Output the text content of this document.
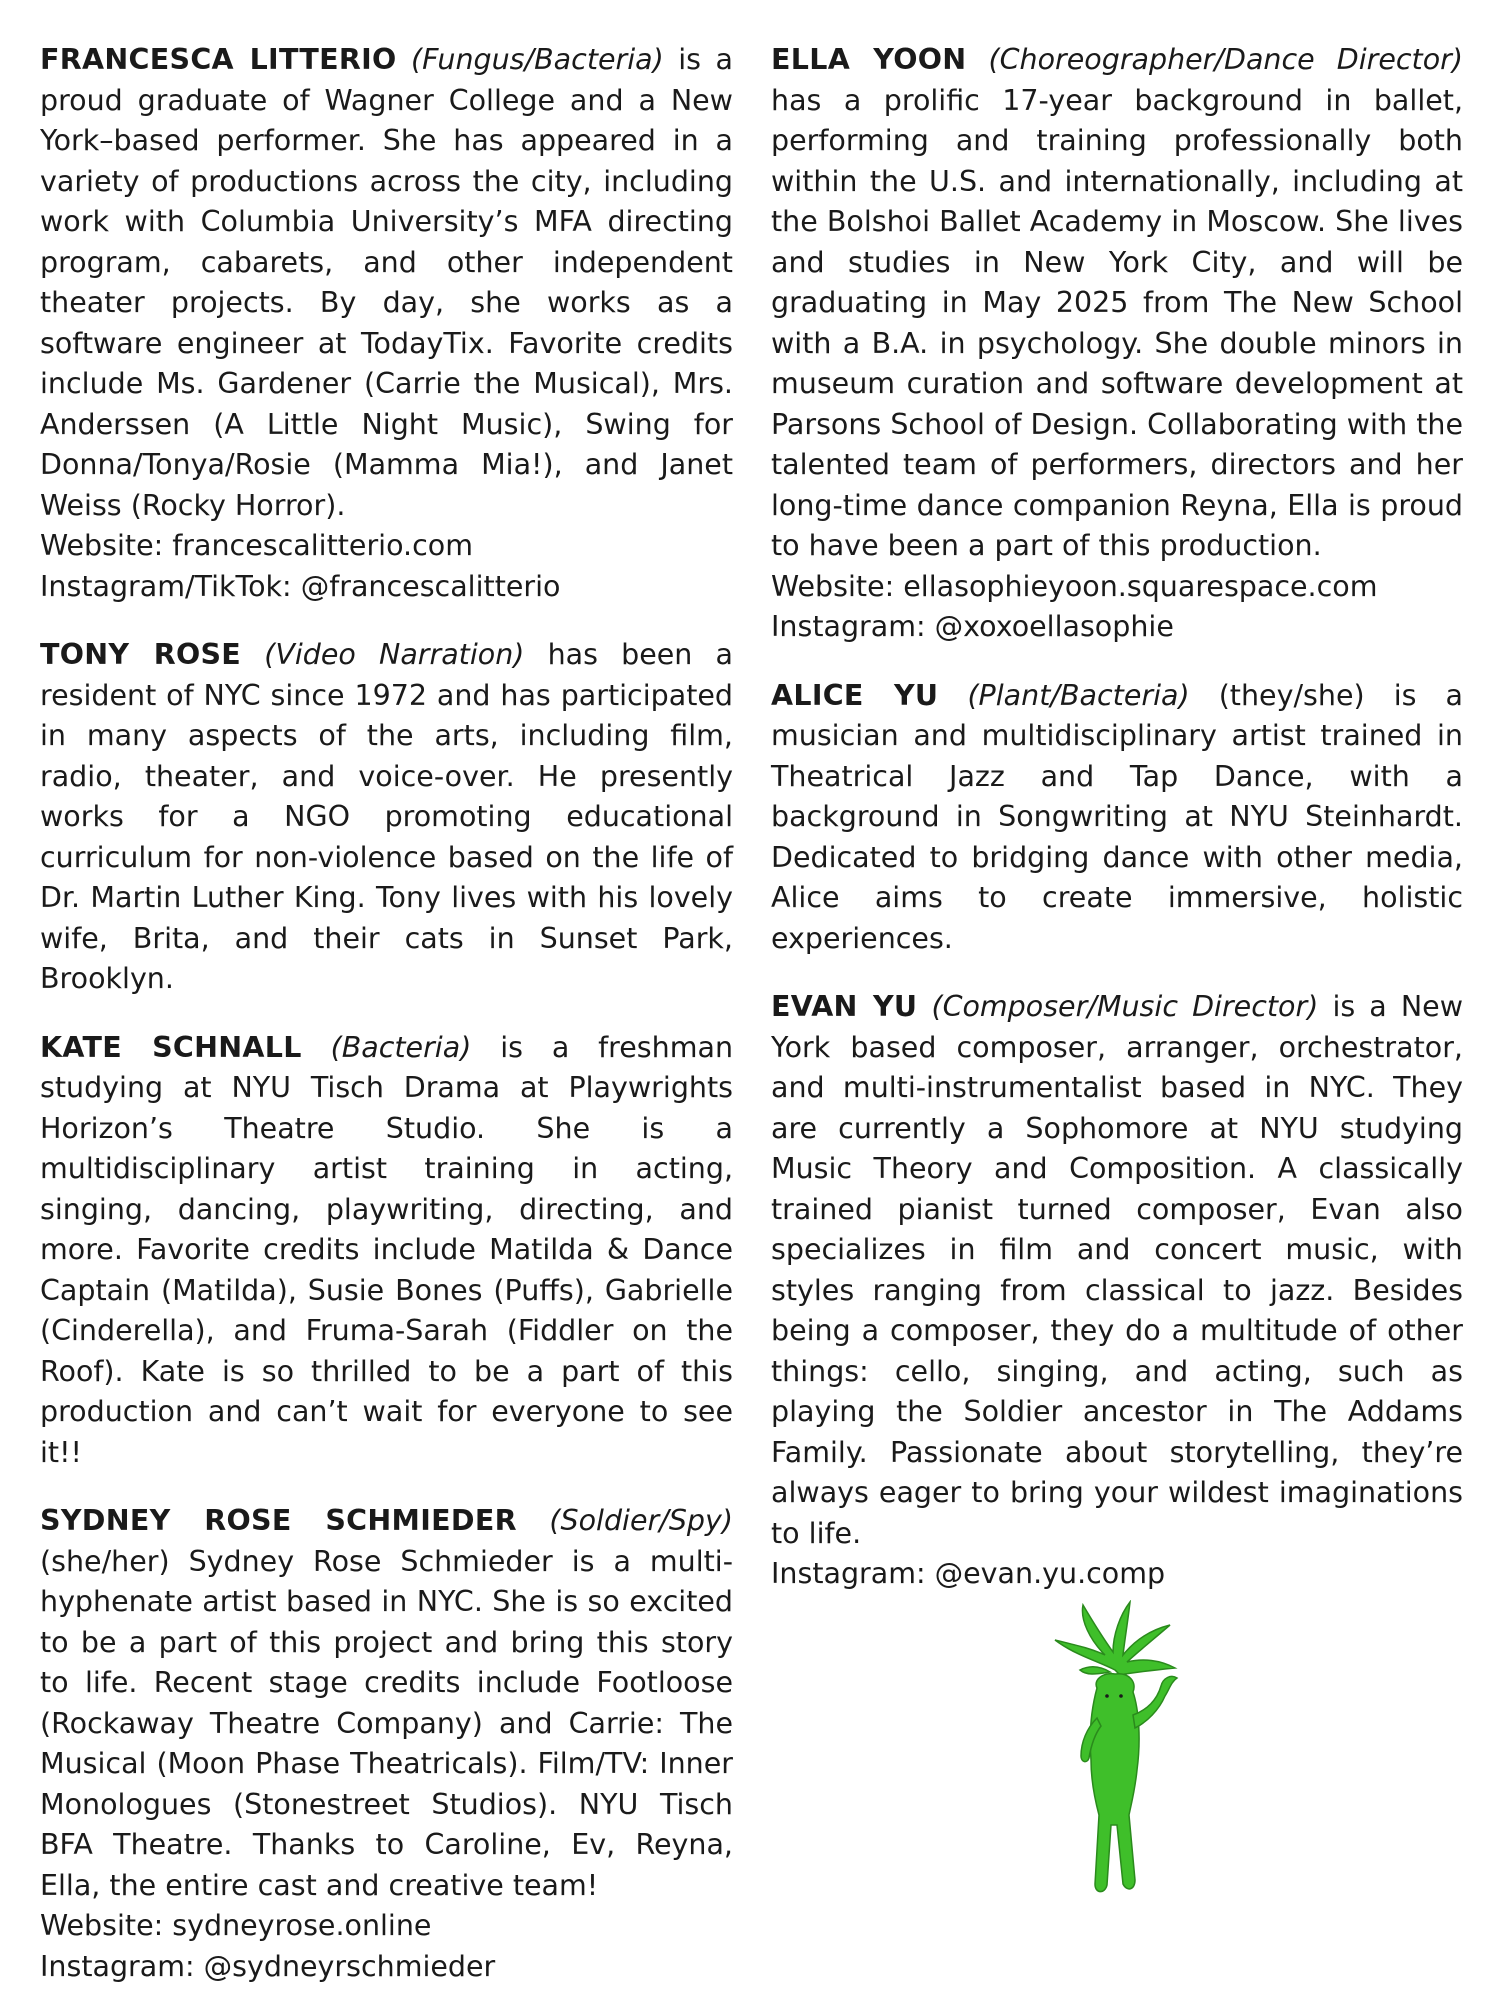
FRANCESCA LITTERIO (Fungus/Bacteria) is a proud graduate of Wagner College and a New York–based performer. She has appeared in a variety of productions across the city, including work with Columbia University’s MFA directing program, cabarets, and other independent theater projects. By day, she works as a software engineer at TodayTix. Favorite credits include Ms. Gardener (Carrie the Musical), Mrs. Anderssen (A Little Night Music), Swing for Donna/Tonya/Rosie (Mamma Mia!), and Janet Weiss (Rocky Horror).

Website: francescalitterio.com
Instagram/TikTok: @francescalitterio

TONY ROSE (Video Narration) has been a resident of NYC since 1972 and has participated in many aspects of the arts, including film, radio, theater, and voice-over. He presently works for a NGO promoting educational curriculum for non-violence based on the life of Dr. Martin Luther King. Tony lives with his lovely wife, Brita, and their cats in Sunset Park, Brooklyn.

KATE SCHNALL (Bacteria) is a freshman studying at NYU Tisch Drama at Playwrights Horizon’s Theatre Studio. She is a multidisciplinary artist training in acting, singing, dancing, playwriting, directing, and more. Favorite credits include Matilda & Dance Captain (Matilda), Susie Bones (Puffs), Gabrielle (Cinderella), and Fruma-Sarah (Fiddler on the Roof). Kate is so thrilled to be a part of this production and can’t wait for everyone to see it!!

SYDNEY ROSE SCHMIEDER (Soldier/Spy) (she/her) Sydney Rose Schmieder is a multi-hyphenate artist based in NYC. She is so excited to be a part of this project and bring this story to life. Recent stage credits include Footloose (Rockaway Theatre Company) and Carrie: The Musical (Moon Phase Theatricals). Film/TV: Inner Monologues (Stonestreet Studios). NYU Tisch BFA Theatre. Thanks to Caroline, Ev, Reyna, Ella, the entire cast and creative team!

Website: sydneyrose.online
Instagram: @sydneyrschmieder

ELLA YOON (Choreographer/Dance Director) has a prolific 17-year background in ballet, performing and training professionally both within the U.S. and internationally, including at the Bolshoi Ballet Academy in Moscow. She lives and studies in New York City, and will be graduating in May 2025 from The New School with a B.A. in psychology. She double minors in museum curation and software development at Parsons School of Design. Collaborating with the talented team of performers, directors and her long-time dance companion Reyna, Ella is proud to have been a part of this production.

Website: ellasophieyoon.squarespace.com
Instagram: @xoxoellasophie

ALICE YU (Plant/Bacteria) (they/she) is a musician and multidisciplinary artist trained in Theatrical Jazz and Tap Dance, with a background in Songwriting at NYU Steinhardt. Dedicated to bridging dance with other media, Alice aims to create immersive, holistic experiences.

EVAN YU (Composer/Music Director) is a New York based composer, arranger, orchestrator, and multi-instrumentalist based in NYC. They are currently a Sophomore at NYU studying Music Theory and Composition. A classically trained pianist turned composer, Evan also specializes in film and concert music, with styles ranging from classical to jazz. Besides being a composer, they do a multitude of other things: cello, singing, and acting, such as playing the Soldier ancestor in The Addams Family. Passionate about storytelling, they’re always eager to bring your wildest imaginations to life.

Instagram: @evan.yu.comp
